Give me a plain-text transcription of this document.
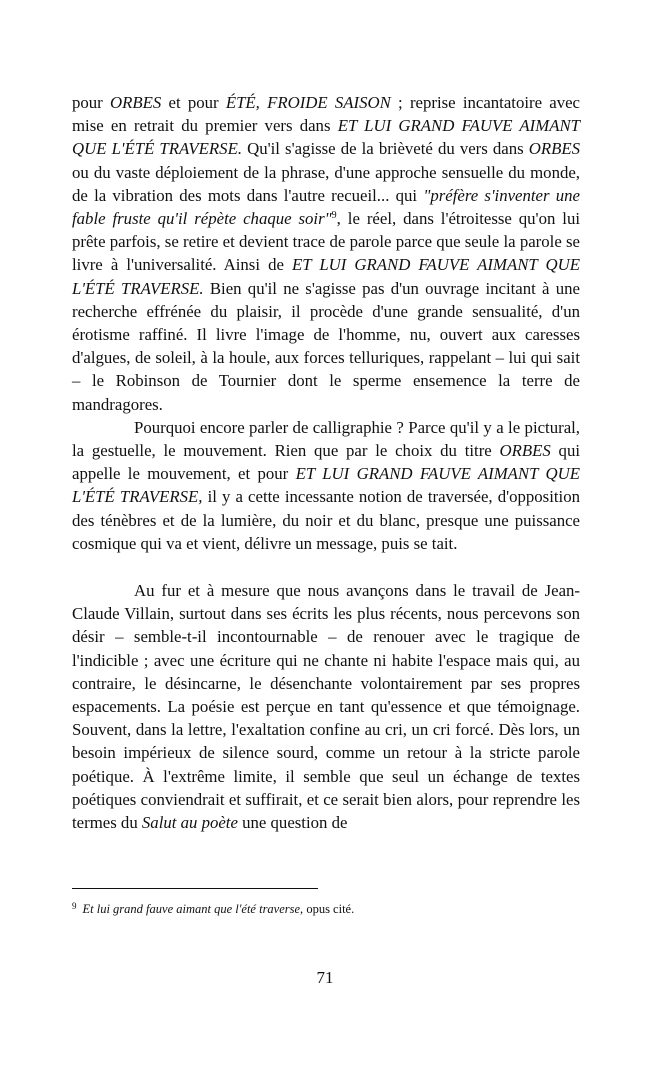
pour ORBES et pour ÉTÉ, FROIDE SAISON ; reprise incantatoire avec mise en retrait du premier vers dans ET LUI GRAND FAUVE AIMANT QUE L'ÉTÉ TRAVERSE. Qu'il s'agisse de la brièveté du vers dans ORBES ou du vaste déploiement de la phrase, d'une approche sensuelle du monde, de la vibration des mots dans l'autre recueil... qui "préfère s'inventer une fable fruste qu'il répète chaque soir"$^9$, le réel, dans l'étroitesse qu'on lui prête parfois, se retire et devient trace de parole parce que seule la parole se livre à l'universalité. Ainsi de ET LUI GRAND FAUVE AIMANT QUE L'ÉTÉ TRAVERSE. Bien qu'il ne s'agisse pas d'un ouvrage incitant à une recherche effrénée du plaisir, il procède d'une grande sensualité, d'un érotisme raffiné. Il livre l'image de l'homme, nu, ouvert aux caresses d'algues, de soleil, à la houle, aux forces telluriques, rappelant – lui qui sait – le Robinson de Tournier dont le sperme ensemence la terre de mandragores.

Pourquoi encore parler de calligraphie ? Parce qu'il y a le pictural, la gestuelle, le mouvement. Rien que par le choix du titre ORBES qui appelle le mouvement, et pour ET LUI GRAND FAUVE AIMANT QUE L'ÉTÉ TRAVERSE, il y a cette incessante notion de traversée, d'opposition des ténèbres et de la lumière, du noir et du blanc, presque une puissance cosmique qui va et vient, délivre un message, puis se tait.

Au fur et à mesure que nous avançons dans le travail de Jean-Claude Villain, surtout dans ses écrits les plus récents, nous percevons son désir – semble-t-il incontournable – de renouer avec le tragique de l'indicible ; avec une écriture qui ne chante ni habite l'espace mais qui, au contraire, le désincarne, le désenchante volontairement par ses propres espacements. La poésie est perçue en tant qu'essence et que témoignage. Souvent, dans la lettre, l'exaltation confine au cri, un cri forcé. Dès lors, un besoin impérieux de silence sourd, comme un retour à la stricte parole poétique. À l'extrême limite, il semble que seul un échange de textes poétiques conviendrait et suffirait, et ce serait bien alors, pour reprendre les termes du Salut au poète une question de

$^9$ Et lui grand fauve aimant que l'été traverse, opus cité.
71
